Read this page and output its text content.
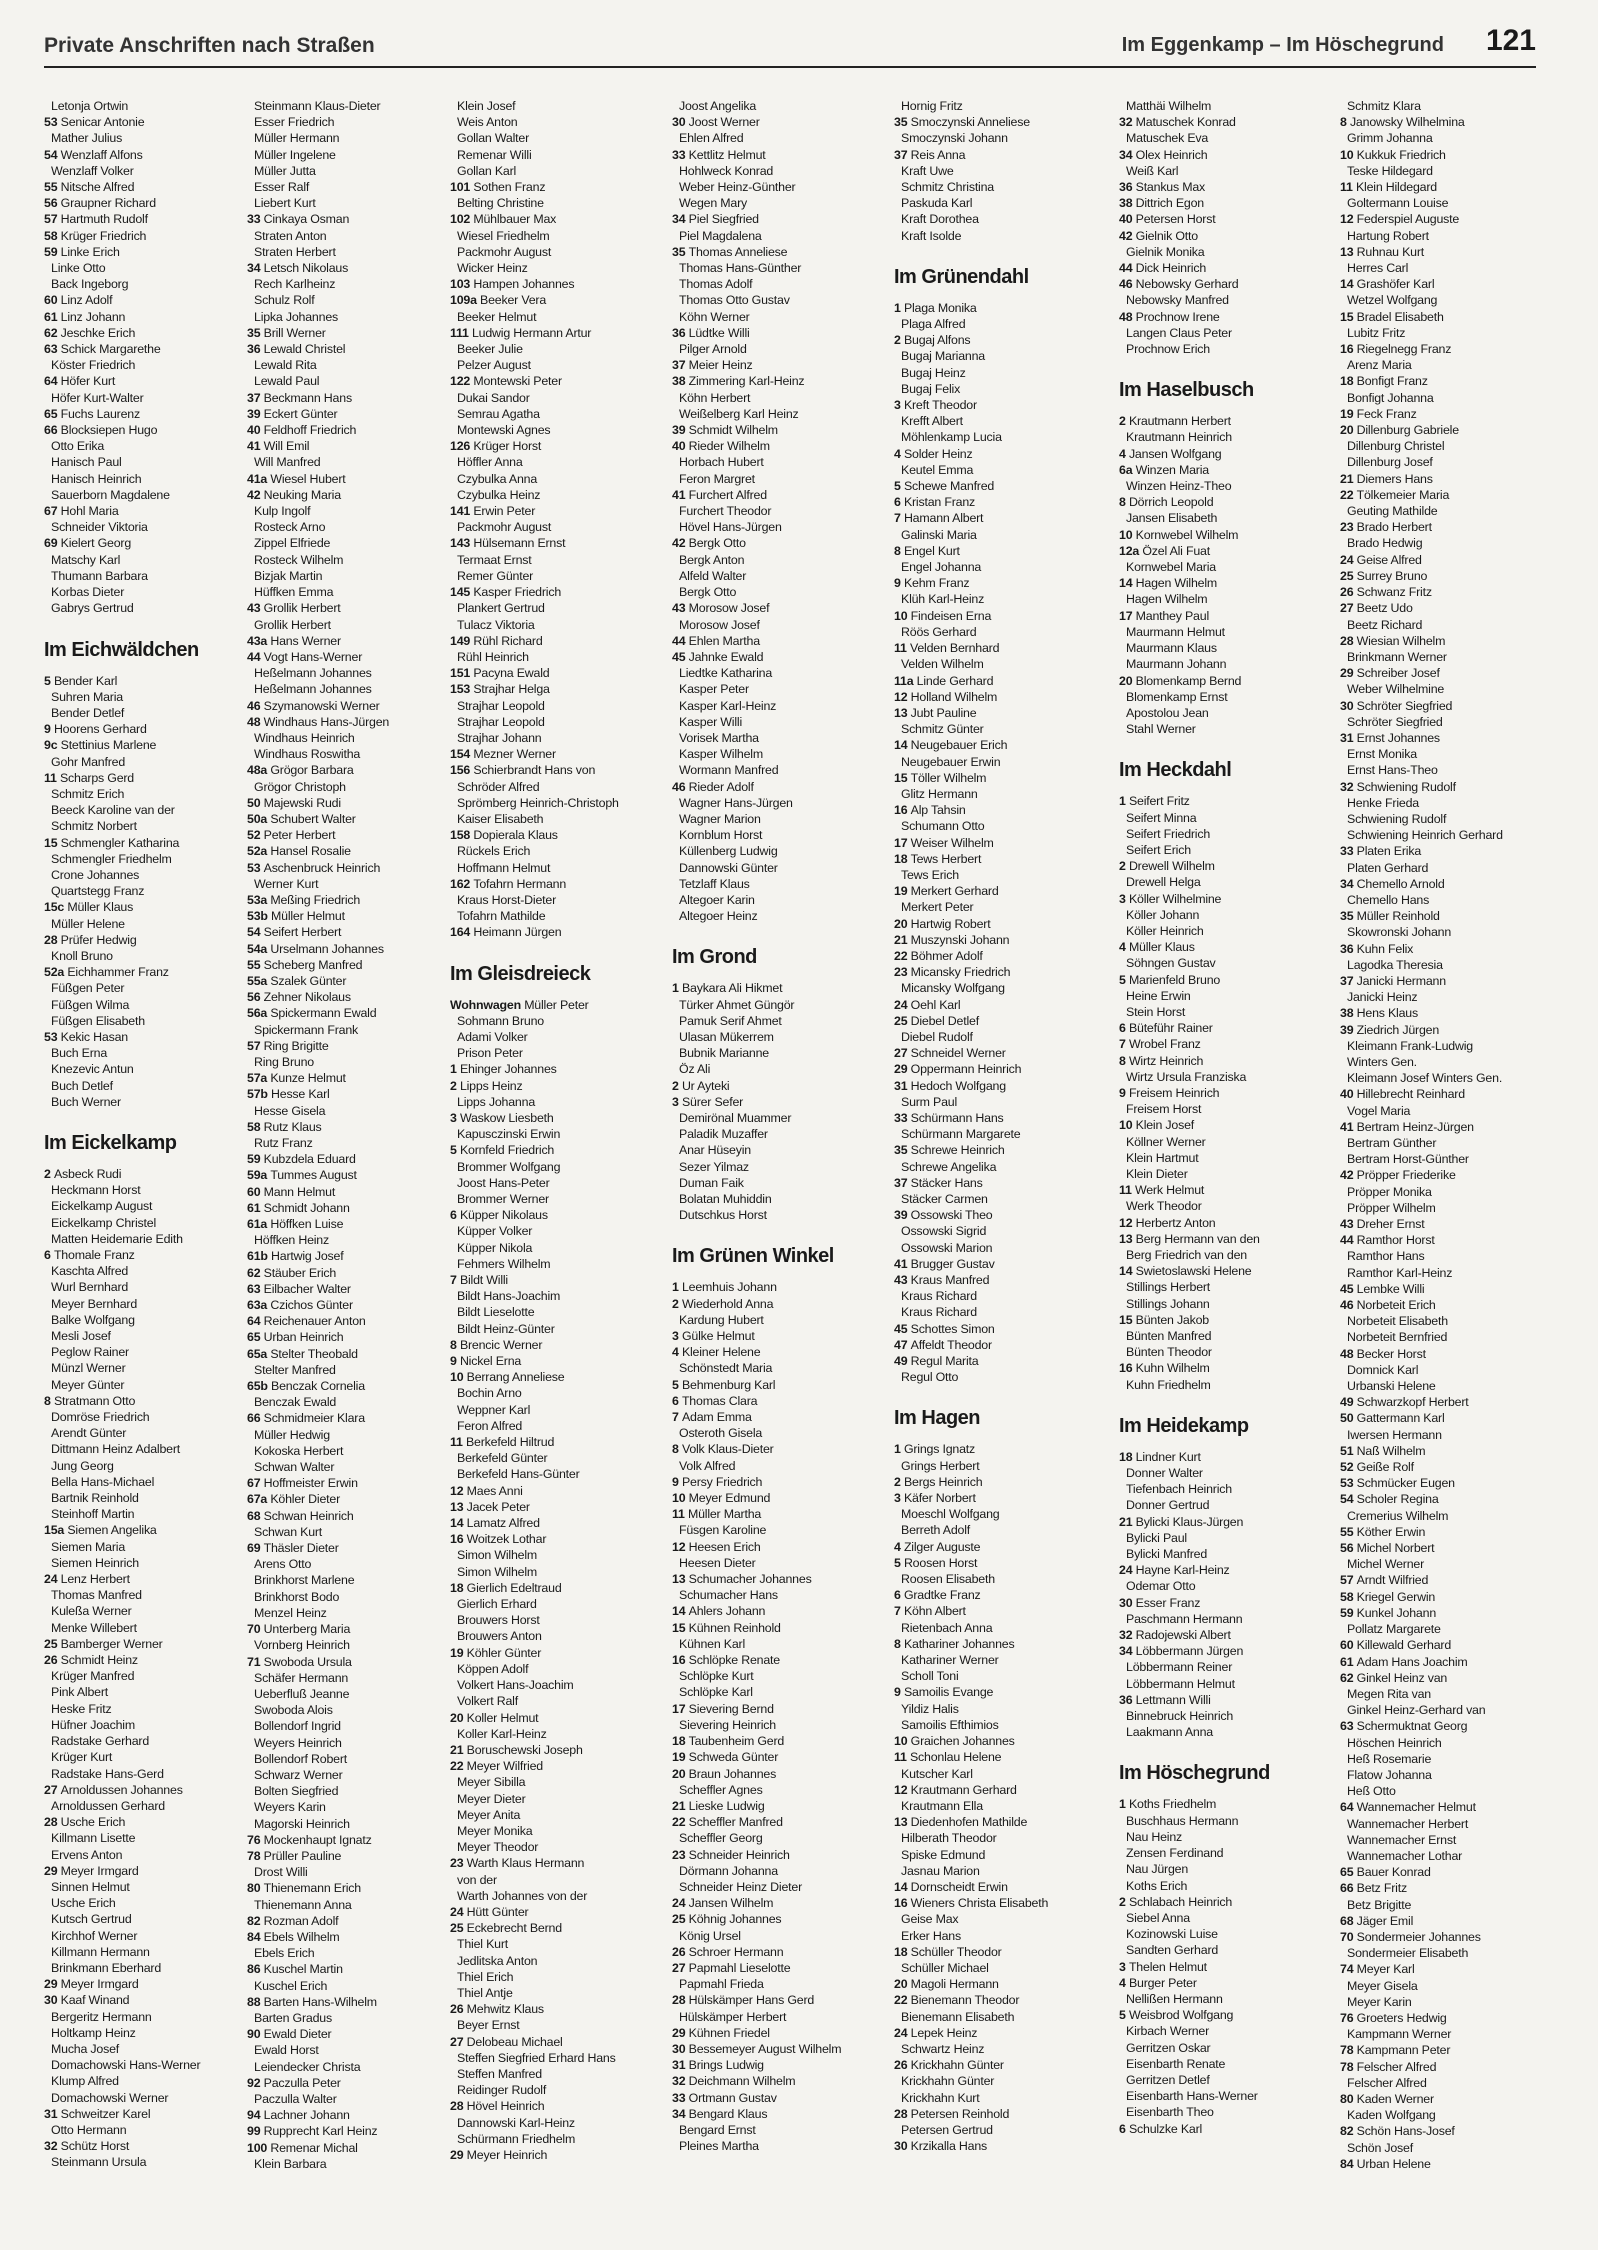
Private Anschriften nach Straßen	Im Eggenkamp – Im Höschegrund 121
Letonja Ortwin
53 Senicar Antonie
Mather Julius
54 Wenzlaff Alfons
Wenzlaff Volker
55 Nitsche Alfred
56 Graupner Richard
57 Hartmuth Rudolf
58 Krüger Friedrich
59 Linke Erich
Linke Otto
Back Ingeborg
60 Linz Adolf
61 Linz Johann
62 Jeschke Erich
63 Schick Margarethe
Köster Friedrich
64 Höfer Kurt
Höfer Kurt-Walter
65 Fuchs Laurenz
66 Blocksiepen Hugo
Otto Erika
Hanisch Paul
Hanisch Heinrich
Sauerborn Magdalene
67 Hohl Maria
Schneider Viktoria
69 Kielert Georg
Matschy Karl
Thumann Barbara
Korbas Dieter
Gabrys Gertrud
Im Eichwäldchen
5 Bender Karl
Suhren Maria
Bender Detlef
9 Hoorens Gerhard
9c Stettinius Marlene
Gohr Manfred
11 Scharps Gerd
Schmitz Erich
Beeck Karoline van der
Schmitz Norbert
15 Schmengler Katharina
Schmengler Friedhelm
Crone Johannes
Quartstegg Franz
15c Müller Klaus
Müller Helene
28 Prüfer Hedwig
Knoll Bruno
52a Eichhammer Franz
Füßgen Peter
Füßgen Wilma
Füßgen Elisabeth
53 Kekic Hasan
Buch Erna
Knezevic Antun
Buch Detlef
Buch Werner
Im Eickelkamp
2 Asbeck Rudi
Heckmann Horst
Eickelkamp August
Eickelkamp Christel
Matten Heidemarie Edith
6 Thomale Franz
Kaschta Alfred
Wurl Bernhard
Meyer Bernhard
Balke Wolfgang
Mesli Josef
Peglow Rainer
Münzl Werner
Meyer Günter
8 Stratmann Otto
Domröse Friedrich
Arendt Günter
Dittmann Heinz Adalbert
Jung Georg
Bella Hans-Michael
Bartnik Reinhold
Steinhoff Martin
15a Siemen Angelika
Siemen Maria
Siemen Heinrich
24 Lenz Herbert
Thomas Manfred
Kuleßa Werner
Menke Willebert
25 Bamberger Werner
26 Schmidt Heinz
Krüger Manfred
Pink Albert
Heske Fritz
Hüfner Joachim
Radstake Gerhard
Krüger Kurt
Radstake Hans-Gerd
27 Arnoldussen Johannes
Arnoldussen Gerhard
28 Usche Erich
Killmann Lisette
Ervens Anton
29 Meyer Irmgard
Sinnen Helmut
Usche Erich
Kutsch Gertrud
Kirchhof Werner
Killmann Hermann
Brinkmann Eberhard
29 Meyer Irmgard
30 Kaaf Winand
Bergeritz Hermann
Holtkamp Heinz
Mucha Josef
Domachowski Hans-Werner
Klump Alfred
Domachowski Werner
31 Schweitzer Karel
Otto Hermann
32 Schütz Horst
Steinmann Ursula
Steinmann Klaus-Dieter
Esser Friedrich
Müller Hermann
Müller Ingelene
Müller Jutta
Esser Ralf
Liebert Kurt
33 Cinkaya Osman
Straten Anton
Straten Herbert
34 Letsch Nikolaus
Rech Karlheinz
Schulz Rolf
Lipka Johannes
35 Brill Werner
36 Lewald Christel
Lewald Rita
Lewald Paul
37 Beckmann Hans
39 Eckert Günter
40 Feldhoff Friedrich
41 Will Emil
Will Manfred
41a Wiesel Hubert
42 Neuking Maria
Kulp Ingolf
Rosteck Arno
Zippel Elfriede
Rosteck Wilhelm
Bizjak Martin
Hüffken Emma
43 Grollik Herbert
Grollik Herbert
43a Hans Werner
44 Vogt Hans-Werner
Heßelmann Johannes
Heßelmann Johannes
46 Szymanowski Werner
48 Windhaus Hans-Jürgen
Windhaus Heinrich
Windhaus Roswitha
48a Grögor Barbara
Grögor Christoph
50 Majewski Rudi
50a Schubert Walter
52 Peter Herbert
52a Hansel Rosalie
53 Aschenbruck Heinrich
Werner Kurt
53a Meßing Friedrich
53b Müller Helmut
54 Seifert Herbert
54a Urselmann Johannes
55 Scheberg Manfred
55a Szalek Günter
56 Zehner Nikolaus
56a Spickermann Ewald
Spickermann Frank
57 Ring Brigitte
Ring Bruno
57a Kunze Helmut
57b Hesse Karl
Hesse Gisela
58 Rutz Klaus
Rutz Franz
59 Kubzdela Eduard
59a Tummes August
60 Mann Helmut
61 Schmidt Johann
61a Höffken Luise
Höffken Heinz
61b Hartwig Josef
62 Stäuber Erich
63 Eilbacher Walter
63a Czichos Günter
64 Reichenauer Anton
65 Urban Heinrich
65a Stelter Theobald
Stelter Manfred
65b Benczak Cornelia
Benczak Ewald
66 Schmidmeier Klara
Müller Hedwig
Kokoska Herbert
Schwan Walter
67 Hoffmeister Erwin
67a Köhler Dieter
68 Schwan Heinrich
Schwan Kurt
69 Thäsler Dieter
Arens Otto
Brinkhorst Marlene
Brinkhorst Bodo
Menzel Heinz
70 Unterberg Maria
Vornberg Heinrich
71 Swoboda Ursula
Schäfer Hermann
Ueberfluß Jeanne
Swoboda Alois
Bollendorf Ingrid
Weyers Heinrich
Bollendorf Robert
Schwarz Werner
Bolten Siegfried
Weyers Karin
Magorski Heinrich
76 Mockenhaupt Ignatz
78 Prüller Pauline
Drost Willi
80 Thienemann Erich
Thienemann Anna
82 Rozman Adolf
84 Ebels Wilhelm
Ebels Erich
86 Kuschel Martin
Kuschel Erich
88 Barten Hans-Wilhelm
Barten Gradus
90 Ewald Dieter
Ewald Horst
Leiendecker Christa
92 Paczulla Peter
Paczulla Walter
94 Lachner Johann
99 Rupprecht Karl Heinz
100 Remenar Michal
Klein Barbara
Klein Josef
Weis Anton
Gollan Walter
Remenar Willi
Gollan Karl
101 Sothen Franz
Belting Christine
102 Mühlbauer Max
Wiesel Friedhelm
Packmohr August
Wicker Heinz
103 Hampen Johannes
109a Beeker Vera
Beeker Helmut
111 Ludwig Hermann Artur
Beeker Julie
Pelzer August
122 Montewski Peter
Dukai Sandor
Semrau Agatha
Montewski Agnes
126 Krüger Horst
Höffler Anna
Czybulka Anna
Czybulka Heinz
141 Erwin Peter
Packmohr August
143 Hülsemann Ernst
Termaat Ernst
Remer Günter
145 Kasper Friedrich
Plankert Gertrud
Tulacz Viktoria
149 Rühl Richard
Rühl Heinrich
151 Pacyna Ewald
153 Strajhar Helga
Strajhar Leopold
Strajhar Leopold
Strajhar Johann
154 Mezner Werner
156 Schierbrandt Hans von
Schröder Alfred
Sprömberg Heinrich-Christoph
Kaiser Elisabeth
158 Dopierala Klaus
Rückels Erich
Hoffmann Helmut
162 Tofahrn Hermann
Kraus Horst-Dieter
Tofahrn Mathilde
164 Heimann Jürgen
Im Gleisdreieck
Wohnwagen Müller Peter
Sohmann Bruno
Adami Volker
Prison Peter
1 Ehinger Johannes
2 Lipps Heinz
Lipps Johanna
3 Waskow Liesbeth
Kapusczinski Erwin
5 Kornfeld Friedrich
Brommer Wolfgang
Joost Hans-Peter
Brommer Werner
6 Küpper Nikolaus
Küpper Volker
Küpper Nikola
Fehmers Wilhelm
7 Bildt Willi
Bildt Hans-Joachim
Bildt Lieselotte
Bildt Heinz-Günter
8 Brencic Werner
9 Nickel Erna
10 Berrang Anneliese
Bochin Arno
Weppner Karl
Feron Alfred
11 Berkefeld Hiltrud
Berkefeld Günter
Berkefeld Hans-Günter
12 Maes Anni
13 Jacek Peter
14 Lamatz Alfred
16 Woitzek Lothar
Simon Wilhelm
Simon Wilhelm
18 Gierlich Edeltraud
Gierlich Erhard
Brouwers Horst
Brouwers Anton
19 Köhler Günter
Köppen Adolf
Volkert Hans-Joachim
Volkert Ralf
20 Koller Helmut
Koller Karl-Heinz
21 Boruschewski Joseph
22 Meyer Wilfried
Meyer Sibilla
Meyer Dieter
Meyer Anita
Meyer Monika
Meyer Theodor
23 Warth Klaus Hermann
von der
Warth Johannes von der
24 Hütt Günter
25 Eckebrecht Bernd
Thiel Kurt
Jedlitska Anton
Thiel Erich
Thiel Antje
26 Mehwitz Klaus
Beyer Ernst
27 Delobeau Michael
Steffen Siegfried Erhard Hans
Steffen Manfred
Reidinger Rudolf
28 Hövel Heinrich
Dannowski Karl-Heinz
Schürmann Friedhelm
29 Meyer Heinrich
Joost Angelika
30 Joost Werner
Ehlen Alfred
33 Kettlitz Helmut
Hohlweck Konrad
Weber Heinz-Günther
Wegen Mary
34 Piel Siegfried
Piel Magdalena
35 Thomas Anneliese
Thomas Hans-Günther
Thomas Adolf
Thomas Otto Gustav
Köhn Werner
36 Lüdtke Willi
Pilger Arnold
37 Meier Heinz
38 Zimmering Karl-Heinz
Köhn Herbert
Weißelberg Karl Heinz
39 Schmidt Wilhelm
40 Rieder Wilhelm
Horbach Hubert
Feron Margret
41 Furchert Alfred
Furchert Theodor
Hövel Hans-Jürgen
42 Bergk Otto
Bergk Anton
Alfeld Walter
Bergk Otto
43 Morosow Josef
Morosow Josef
44 Ehlen Martha
45 Jahnke Ewald
Liedtke Katharina
Kasper Peter
Kasper Karl-Heinz
Kasper Willi
Vorisek Martha
Kasper Wilhelm
Wormann Manfred
46 Rieder Adolf
Wagner Hans-Jürgen
Wagner Marion
Kornblum Horst
Küllenberg Ludwig
Dannowski Günter
Tetzlaff Klaus
Altegoer Karin
Altegoer Heinz
Im Grond
1 Baykara Ali Hikmet
Türker Ahmet Güngör
Pamuk Serif Ahmet
Ulasan Mükerrem
Bubnik Marianne
Öz Ali
2 Ur Ayteki
3 Sürer Sefer
Demirönal Muammer
Paladik Muzaffer
Anar Hüseyin
Sezer Yilmaz
Duman Faik
Bolatan Muhiddin
Dutschkus Horst
Im Grünen Winkel
1 Leemhuis Johann
2 Wiederhold Anna
Kardung Hubert
3 Gülke Helmut
4 Kleiner Helene
Schönstedt Maria
5 Behmenburg Karl
6 Thomas Clara
7 Adam Emma
Osteroth Gisela
8 Volk Klaus-Dieter
Volk Alfred
9 Persy Friedrich
10 Meyer Edmund
11 Müller Martha
Füsgen Karoline
12 Heesen Erich
Heesen Dieter
13 Schumacher Johannes
Schumacher Hans
14 Ahlers Johann
15 Kühnen Reinhold
Kühnen Karl
16 Schlöpke Renate
Schlöpke Kurt
Schlöpke Karl
17 Sievering Bernd
Sievering Heinrich
18 Taubenheim Gerd
19 Schweda Günter
20 Braun Johannes
Scheffler Agnes
21 Lieske Ludwig
22 Scheffler Manfred
Scheffler Georg
23 Schneider Heinrich
Dörmann Johanna
Schneider Heinz Dieter
24 Jansen Wilhelm
25 Köhnig Johannes
König Ursel
26 Schroer Hermann
27 Papmahl Lieselotte
Papmahl Frieda
28 Hülskämper Hans Gerd
Hülskämper Herbert
29 Kühnen Friedel
30 Bessemeyer August Wilhelm
31 Brings Ludwig
32 Deichmann Wilhelm
33 Ortmann Gustav
34 Bengard Klaus
Bengard Ernst
Pleines Martha
Hornig Fritz
35 Smoczynski Anneliese
Smoczynski Johann
37 Reis Anna
Kraft Uwe
Schmitz Christina
Paskuda Karl
Kraft Dorothea
Kraft Isolde
Im Grünendahl
1 Plaga Monika
Plaga Alfred
2 Bugaj Alfons
Bugaj Marianna
Bugaj Heinz
Bugaj Felix
3 Kreft Theodor
Krefft Albert
Möhlenkamp Lucia
4 Solder Heinz
Keutel Emma
5 Schewe Manfred
6 Kristan Franz
7 Hamann Albert
Galinski Maria
8 Engel Kurt
Engel Johanna
9 Kehm Franz
Klüh Karl-Heinz
10 Findeisen Erna
Röös Gerhard
11 Velden Bernhard
Velden Wilhelm
11a Linde Gerhard
12 Holland Wilhelm
13 Jubt Pauline
Schmitz Günter
14 Neugebauer Erich
Neugebauer Erwin
15 Töller Wilhelm
Glitz Hermann
16 Alp Tahsin
Schumann Otto
17 Weiser Wilhelm
18 Tews Herbert
Tews Erich
19 Merkert Gerhard
Merkert Peter
20 Hartwig Robert
21 Muszynski Johann
22 Böhmer Adolf
23 Micansky Friedrich
Micansky Wolfgang
24 Oehl Karl
25 Diebel Detlef
Diebel Rudolf
27 Schneidel Werner
29 Oppermann Heinrich
31 Hedoch Wolfgang
Surm Paul
33 Schürmann Hans
Schürmann Margarete
35 Schrewe Heinrich
Schrewe Angelika
37 Stäcker Hans
Stäcker Carmen
39 Ossowski Theo
Ossowski Sigrid
Ossowski Marion
41 Brugger Gustav
43 Kraus Manfred
Kraus Richard
Kraus Richard
45 Schottes Simon
47 Affeldt Theodor
49 Regul Marita
Regul Otto
Im Hagen
1 Grings Ignatz
Grings Herbert
2 Bergs Heinrich
3 Käfer Norbert
Moeschl Wolfgang
Berreth Adolf
4 Zilger Auguste
5 Roosen Horst
Roosen Elisabeth
6 Gradtke Franz
7 Köhn Albert
Rietenbach Anna
8 Kathariner Johannes
Kathariner Werner
Scholl Toni
9 Samoilis Evange
Yildiz Halis
Samoilis Efthimios
10 Graichen Johannes
11 Schonlau Helene
Kutscher Karl
12 Krautmann Gerhard
Krautmann Ella
13 Diedenhofen Mathilde
Hilberath Theodor
Spiske Edmund
Jasnau Marion
14 Dornscheidt Erwin
16 Wieners Christa Elisabeth
Geise Max
Erker Hans
18 Schüller Theodor
Schüller Michael
20 Magoli Hermann
22 Bienemann Theodor
Bienemann Elisabeth
24 Lepek Heinz
Schwartz Heinz
26 Krickhahn Günter
Krickhahn Günter
Krickhahn Kurt
28 Petersen Reinhold
Petersen Gertrud
30 Krzikalla Hans
Matthäi Wilhelm
32 Matuschek Konrad
Matuschek Eva
34 Olex Heinrich
Weiß Karl
36 Stankus Max
38 Dittrich Egon
40 Petersen Horst
42 Gielnik Otto
Gielnik Monika
44 Dick Heinrich
46 Nebowsky Gerhard
Nebowsky Manfred
48 Prochnow Irene
Langen Claus Peter
Prochnow Erich
Im Haselbusch
2 Krautmann Herbert
Krautmann Heinrich
4 Jansen Wolfgang
6a Winzen Maria
Winzen Heinz-Theo
8 Dörrich Leopold
Jansen Elisabeth
10 Kornwebel Wilhelm
12a Özel Ali Fuat
Kornwebel Maria
14 Hagen Wilhelm
Hagen Wilhelm
17 Manthey Paul
Maurmann Helmut
Maurmann Klaus
Maurmann Johann
20 Blomenkamp Bernd
Blomenkamp Ernst
Apostolou Jean
Stahl Werner
Im Heckdahl
1 Seifert Fritz
Seifert Minna
Seifert Friedrich
Seifert Erich
2 Drewell Wilhelm
Drewell Helga
3 Köller Wilhelmine
Köller Johann
Köller Heinrich
4 Müller Klaus
Söhngen Gustav
5 Marienfeld Bruno
Heine Erwin
Stein Horst
6 Büteführ Rainer
7 Wrobel Franz
8 Wirtz Heinrich
Wirtz Ursula Franziska
9 Freisem Heinrich
Freisem Horst
10 Klein Josef
Köllner Werner
Klein Hartmut
Klein Dieter
11 Werk Helmut
Werk Theodor
12 Herbertz Anton
13 Berg Hermann van den
Berg Friedrich van den
14 Swietoslawski Helene
Stillings Herbert
Stillings Johann
15 Bünten Jakob
Bünten Manfred
Bünten Theodor
16 Kuhn Wilhelm
Kuhn Friedhelm
Im Heidekamp
18 Lindner Kurt
Donner Walter
Tiefenbach Heinrich
Donner Gertrud
21 Bylicki Klaus-Jürgen
Bylicki Paul
Bylicki Manfred
24 Hayne Karl-Heinz
Odemar Otto
30 Esser Franz
Paschmann Hermann
32 Radojewski Albert
34 Löbbermann Jürgen
Löbbermann Reiner
Löbbermann Helmut
36 Lettmann Willi
Binnebruck Heinrich
Laakmann Anna
Im Höschegrund
1 Koths Friedhelm
Buschhaus Hermann
Nau Heinz
Zensen Ferdinand
Nau Jürgen
Koths Erich
2 Schlabach Heinrich
Siebel Anna
Kozinowski Luise
Sandten Gerhard
3 Thelen Helmut
4 Burger Peter
Nellißen Hermann
5 Weisbrod Wolfgang
Kirbach Werner
Gerritzen Oskar
Eisenbarth Renate
Gerritzen Detlef
Eisenbarth Hans-Werner
Eisenbarth Theo
6 Schulzke Karl
Schmitz Klara
8 Janowsky Wilhelmina
Grimm Johanna
10 Kukkuk Friedrich
Teske Hildegard
11 Klein Hildegard
Goltermann Louise
12 Federspiel Auguste
Hartung Robert
13 Ruhnau Kurt
Herres Carl
14 Grashöfer Karl
Wetzel Wolfgang
15 Bradel Elisabeth
Lubitz Fritz
16 Riegelnegg Franz
Arenz Maria
18 Bonfigt Franz
Bonfigt Johanna
19 Feck Franz
20 Dillenburg Gabriele
Dillenburg Christel
Dillenburg Josef
21 Diemers Hans
22 Tölkemeier Maria
Geuting Mathilde
23 Brado Herbert
Brado Hedwig
24 Geise Alfred
25 Surrey Bruno
26 Schwanz Fritz
27 Beetz Udo
Beetz Richard
28 Wiesian Wilhelm
Brinkmann Werner
29 Schreiber Josef
Weber Wilhelmine
30 Schröter Siegfried
Schröter Siegfried
31 Ernst Johannes
Ernst Monika
Ernst Hans-Theo
32 Schwiening Rudolf
Henke Frieda
Schwiening Rudolf
Schwiening Heinrich Gerhard
33 Platen Erika
Platen Gerhard
34 Chemello Arnold
Chemello Hans
35 Müller Reinhold
Skowronski Johann
36 Kuhn Felix
Lagodka Theresia
37 Janicki Hermann
Janicki Heinz
38 Hens Klaus
39 Ziedrich Jürgen
Kleimann Frank-Ludwig
Winters Gen.
Kleimann Josef Winters Gen.
40 Hillebrecht Reinhard
Vogel Maria
41 Bertram Heinz-Jürgen
Bertram Günther
Bertram Horst-Günther
42 Pröpper Friederike
Pröpper Monika
Pröpper Wilhelm
43 Dreher Ernst
44 Ramthor Horst
Ramthor Hans
Ramthor Karl-Heinz
45 Lembke Willi
46 Norbeteit Erich
Norbeteit Elisabeth
Norbeteit Bernfried
48 Becker Horst
Domnick Karl
Urbanski Helene
49 Schwarzkopf Herbert
50 Gattermann Karl
Iwersen Hermann
51 Naß Wilhelm
52 Geiße Rolf
53 Schmücker Eugen
54 Scholer Regina
Cremerius Wilhelm
55 Köther Erwin
56 Michel Norbert
Michel Werner
57 Arndt Wilfried
58 Kriegel Gerwin
59 Kunkel Johann
Pollatz Margarete
60 Killewald Gerhard
61 Adam Hans Joachim
62 Ginkel Heinz van
Megen Rita van
Ginkel Heinz-Gerhard van
63 Schermuktnat Georg
Höschen Heinrich
Heß Rosemarie
Flatow Johanna
Heß Otto
64 Wannemacher Helmut
Wannemacher Herbert
Wannemacher Ernst
Wannemacher Lothar
65 Bauer Konrad
66 Betz Fritz
Betz Brigitte
68 Jäger Emil
70 Sondermeier Johannes
Sondermeier Elisabeth
74 Meyer Karl
Meyer Gisela
Meyer Karin
76 Groeters Hedwig
Kampmann Werner
78 Kampmann Peter
78 Felscher Alfred
Felscher Alfred
80 Kaden Werner
Kaden Wolfgang
82 Schön Hans-Josef
Schön Josef
84 Urban Helene
